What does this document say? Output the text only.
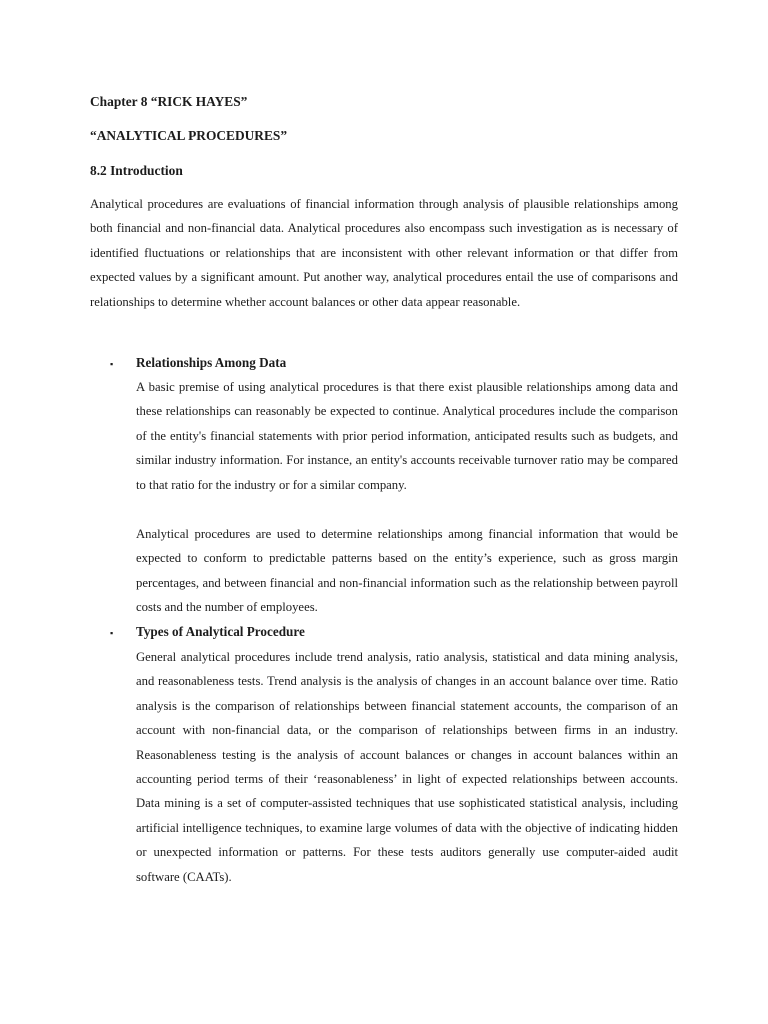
Chapter 8 “RICK HAYES”
“ANALYTICAL PROCEDURES”
8.2 Introduction

Analytical procedures are evaluations of financial information through analysis of plausible relationships among both financial and non-financial data. Analytical procedures also encompass such investigation as is necessary of identified fluctuations or relationships that are inconsistent with other relevant information or that differ from expected values by a significant amount. Put another way, analytical procedures entail the use of comparisons and relationships to determine whether account balances or other data appear reasonable.

▪ Relationships Among Data

A basic premise of using analytical procedures is that there exist plausible relationships among data and these relationships can reasonably be expected to continue. Analytical procedures include the comparison of the entity's financial statements with prior period information, anticipated results such as budgets, and similar industry information. For instance, an entity's accounts receivable turnover ratio may be compared to that ratio for the industry or for a similar company.

Analytical procedures are used to determine relationships among financial information that would be expected to conform to predictable patterns based on the entity’s experience, such as gross margin percentages, and between financial and non-financial information such as the relationship between payroll costs and the number of employees.

▪ Types of Analytical Procedure

General analytical procedures include trend analysis, ratio analysis, statistical and data mining analysis, and reasonableness tests. Trend analysis is the analysis of changes in an account balance over time. Ratio analysis is the comparison of relationships between financial statement accounts, the comparison of an account with non-financial data, or the comparison of relationships between firms in an industry. Reasonableness testing is the analysis of account balances or changes in account balances within an accounting period terms of their ‘reasonableness’ in light of expected relationships between accounts. Data mining is a set of computer-assisted techniques that use sophisticated statistical analysis, including artificial intelligence techniques, to examine large volumes of data with the objective of indicating hidden or unexpected information or patterns. For these tests auditors generally use computer-aided audit software (CAATs).
